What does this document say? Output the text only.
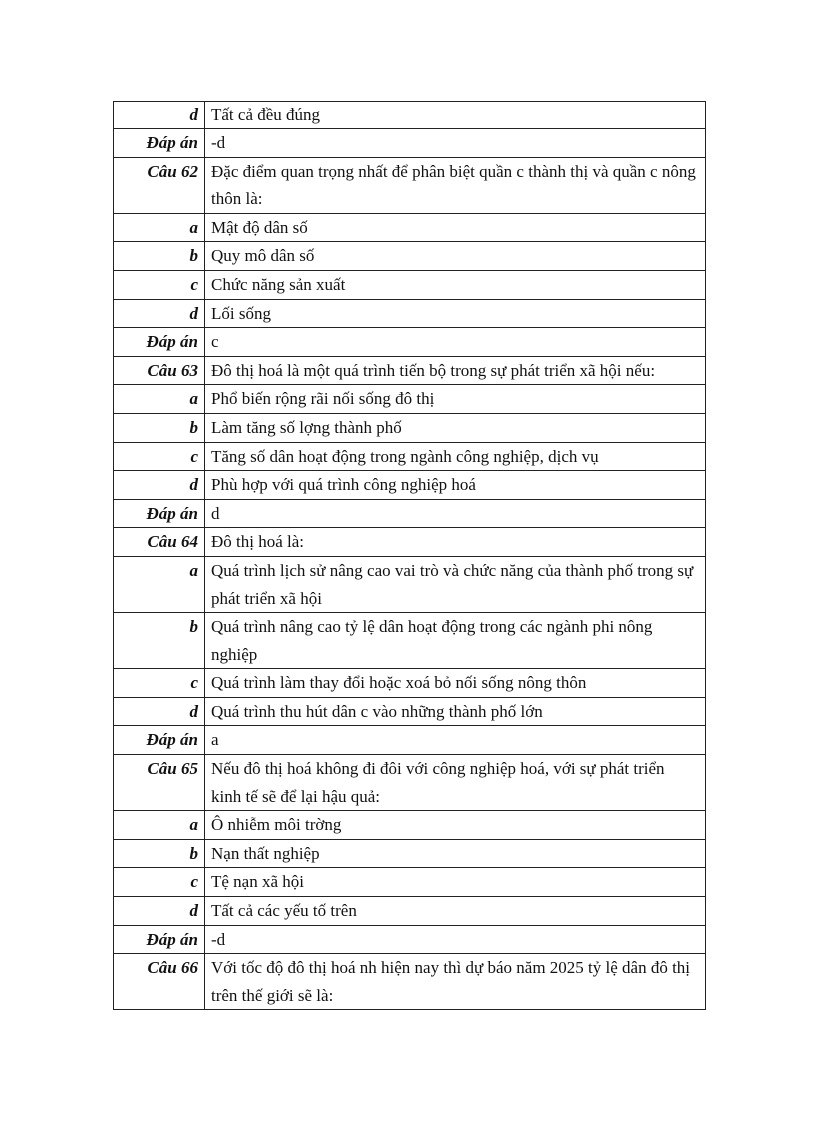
d	Tất cả đều đúng
Đáp án	-d
Câu 62	Đặc điểm quan trọng nhất để phân biệt quần c thành thị và quần c nông thôn là:
a	Mật độ dân số
b	Quy mô dân số
c	Chức năng sản xuất
d	Lối sống
Đáp án	c
Câu 63	Đô thị hoá là một quá trình tiến bộ trong sự phát triển xã hội nếu:
a	Phổ biến rộng rãi nối sống đô thị
b	Làm tăng số lợng thành phố
c	Tăng số dân hoạt động trong ngành công nghiệp, dịch vụ
d	Phù hợp với quá trình công nghiệp hoá
Đáp án	d
Câu 64	Đô thị hoá là:
a	Quá trình lịch sử nâng cao vai trò và chức năng của thành phố trong sự phát triển xã hội
b	Quá trình nâng cao tỷ lệ dân hoạt động trong các ngành phi nông nghiệp
c	Quá trình làm thay đổi hoặc xoá bỏ nối sống nông thôn
d	Quá trình thu hút dân c vào những thành phố lớn
Đáp án	a
Câu 65	Nếu đô thị hoá không đi đôi với công nghiệp hoá, với sự phát triển kinh tế sẽ để lại hậu quả:
a	Ô nhiễm môi trờng
b	Nạn thất nghiệp
c	Tệ nạn xã hội
d	Tất cả các yếu tố trên
Đáp án	-d
Câu 66	Với tốc độ đô thị hoá nh hiện nay thì dự báo năm 2025 tỷ lệ dân đô thị trên thế giới sẽ là:
